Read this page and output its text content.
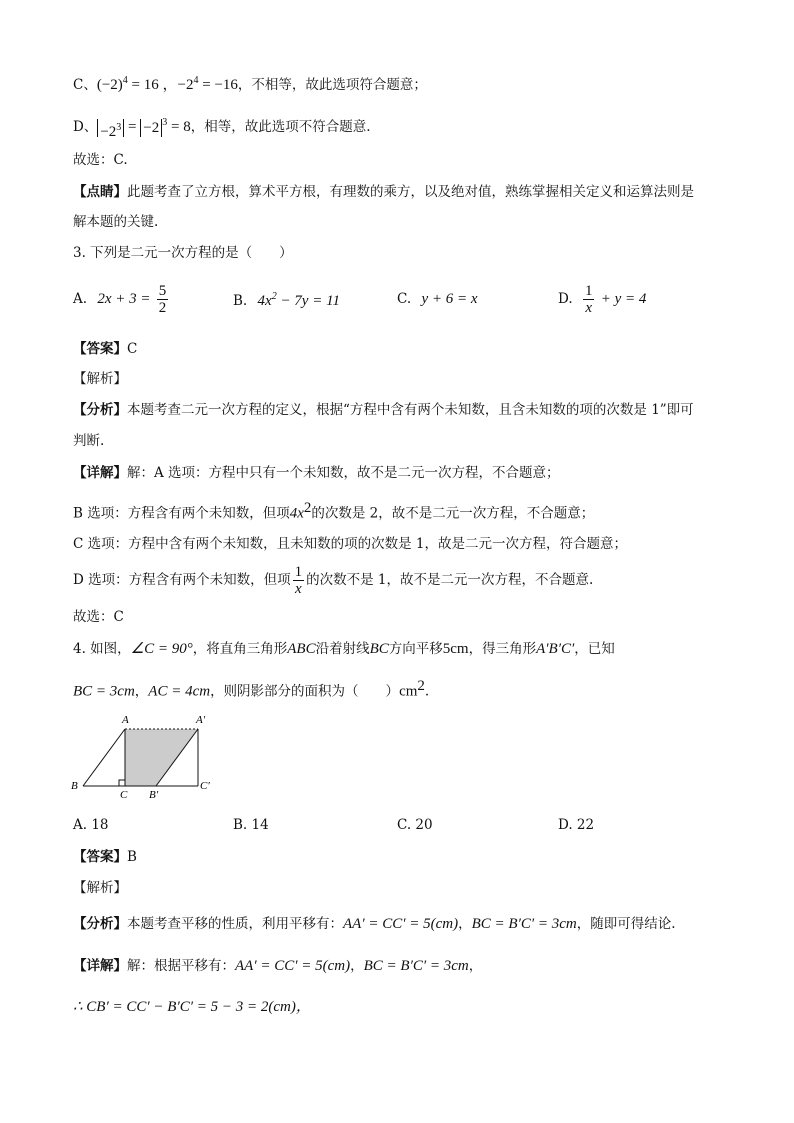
C、$(-2)^4 = 16$ ，$-2^4 = -16$，不相等，故此选项符合题意；
D、 $-2^3 = -2$ $^3$ = 8，相等，故此选项不符合题意.
故选：C.
【点睛】此题考查了立方根，算术平方根，有理数的乘方，以及绝对值，熟练掌握相关定义和运算法则是
解本题的关键.
3. 下列是二元一次方程的是（　　）
A. $2x + 3 = \frac{5}{2}$	B. $4x^2 - 7y = 11$	C. y + 6 = x	D. $\frac{1}{x} + y = 4$
【答案】C
【解析】
【分析】本题考查二元一次方程的定义，根据“方程中含有两个未知数，且含未知数的项的次数是 1”即可
判断.
【详解】解：A 选项：方程中只有一个未知数，故不是二元一次方程，不合题意；
B 选项：方程含有两个未知数，但项$4x^2$的次数是 2，故不是二元一次方程，不合题意；
C 选项：方程中含有两个未知数，且未知数的项的次数是 1，故是二元一次方程，符合题意；
D 选项：方程含有两个未知数，但项 $\frac{1}{x}$ 的次数不是 1，故不是二元一次方程，不合题意.
故选：C
4. 如图，∠C = 90°，将直角三角形ABC沿着射线BC方向平移5cm，得三角形A′B′C′，已知
BC = 3cm，AC = 4cm，则阴影部分的面积为（　　）$cm^2$.
A	A′
B
C B′
C′
A. 18	B. 14	C. 20	D. 22
【答案】B
【解析】
【分析】本题考查平移的性质，利用平移有：AA′ = CC′ = 5(cm)，BC = B′C′ = 3cm，随即可得结论.
【详解】解：根据平移有：AA′ = CC′ = 5(cm)，BC = B′C′ = 3cm，
∴ CB′ = CC′ − B′C′ = 5 − 3 = 2(cm)，
